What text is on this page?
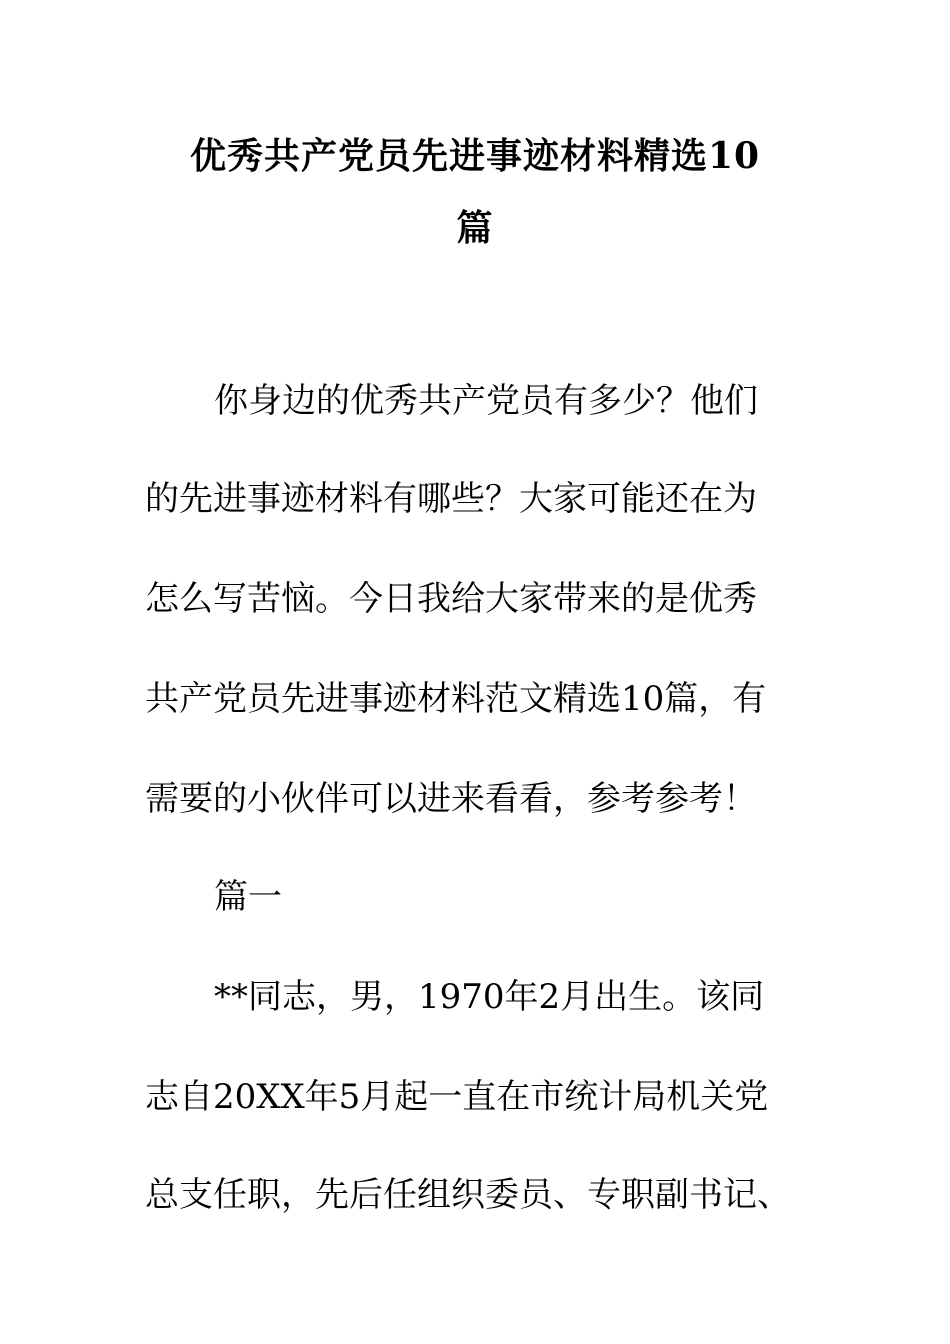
优秀共产党员先进事迹材料精选10
篇
你身边的优秀共产党员有多少？他们
的先进事迹材料有哪些？大家可能还在为
怎么写苦恼。今日我给大家带来的是优秀
共产党员先进事迹材料范文精选10篇，有
需要的小伙伴可以进来看看，参考参考！
篇一
**同志，男，1970年2月出生。该同
志自20XX年5月起一直在市统计局机关党
总支任职，先后任组织委员、专职副书记、
